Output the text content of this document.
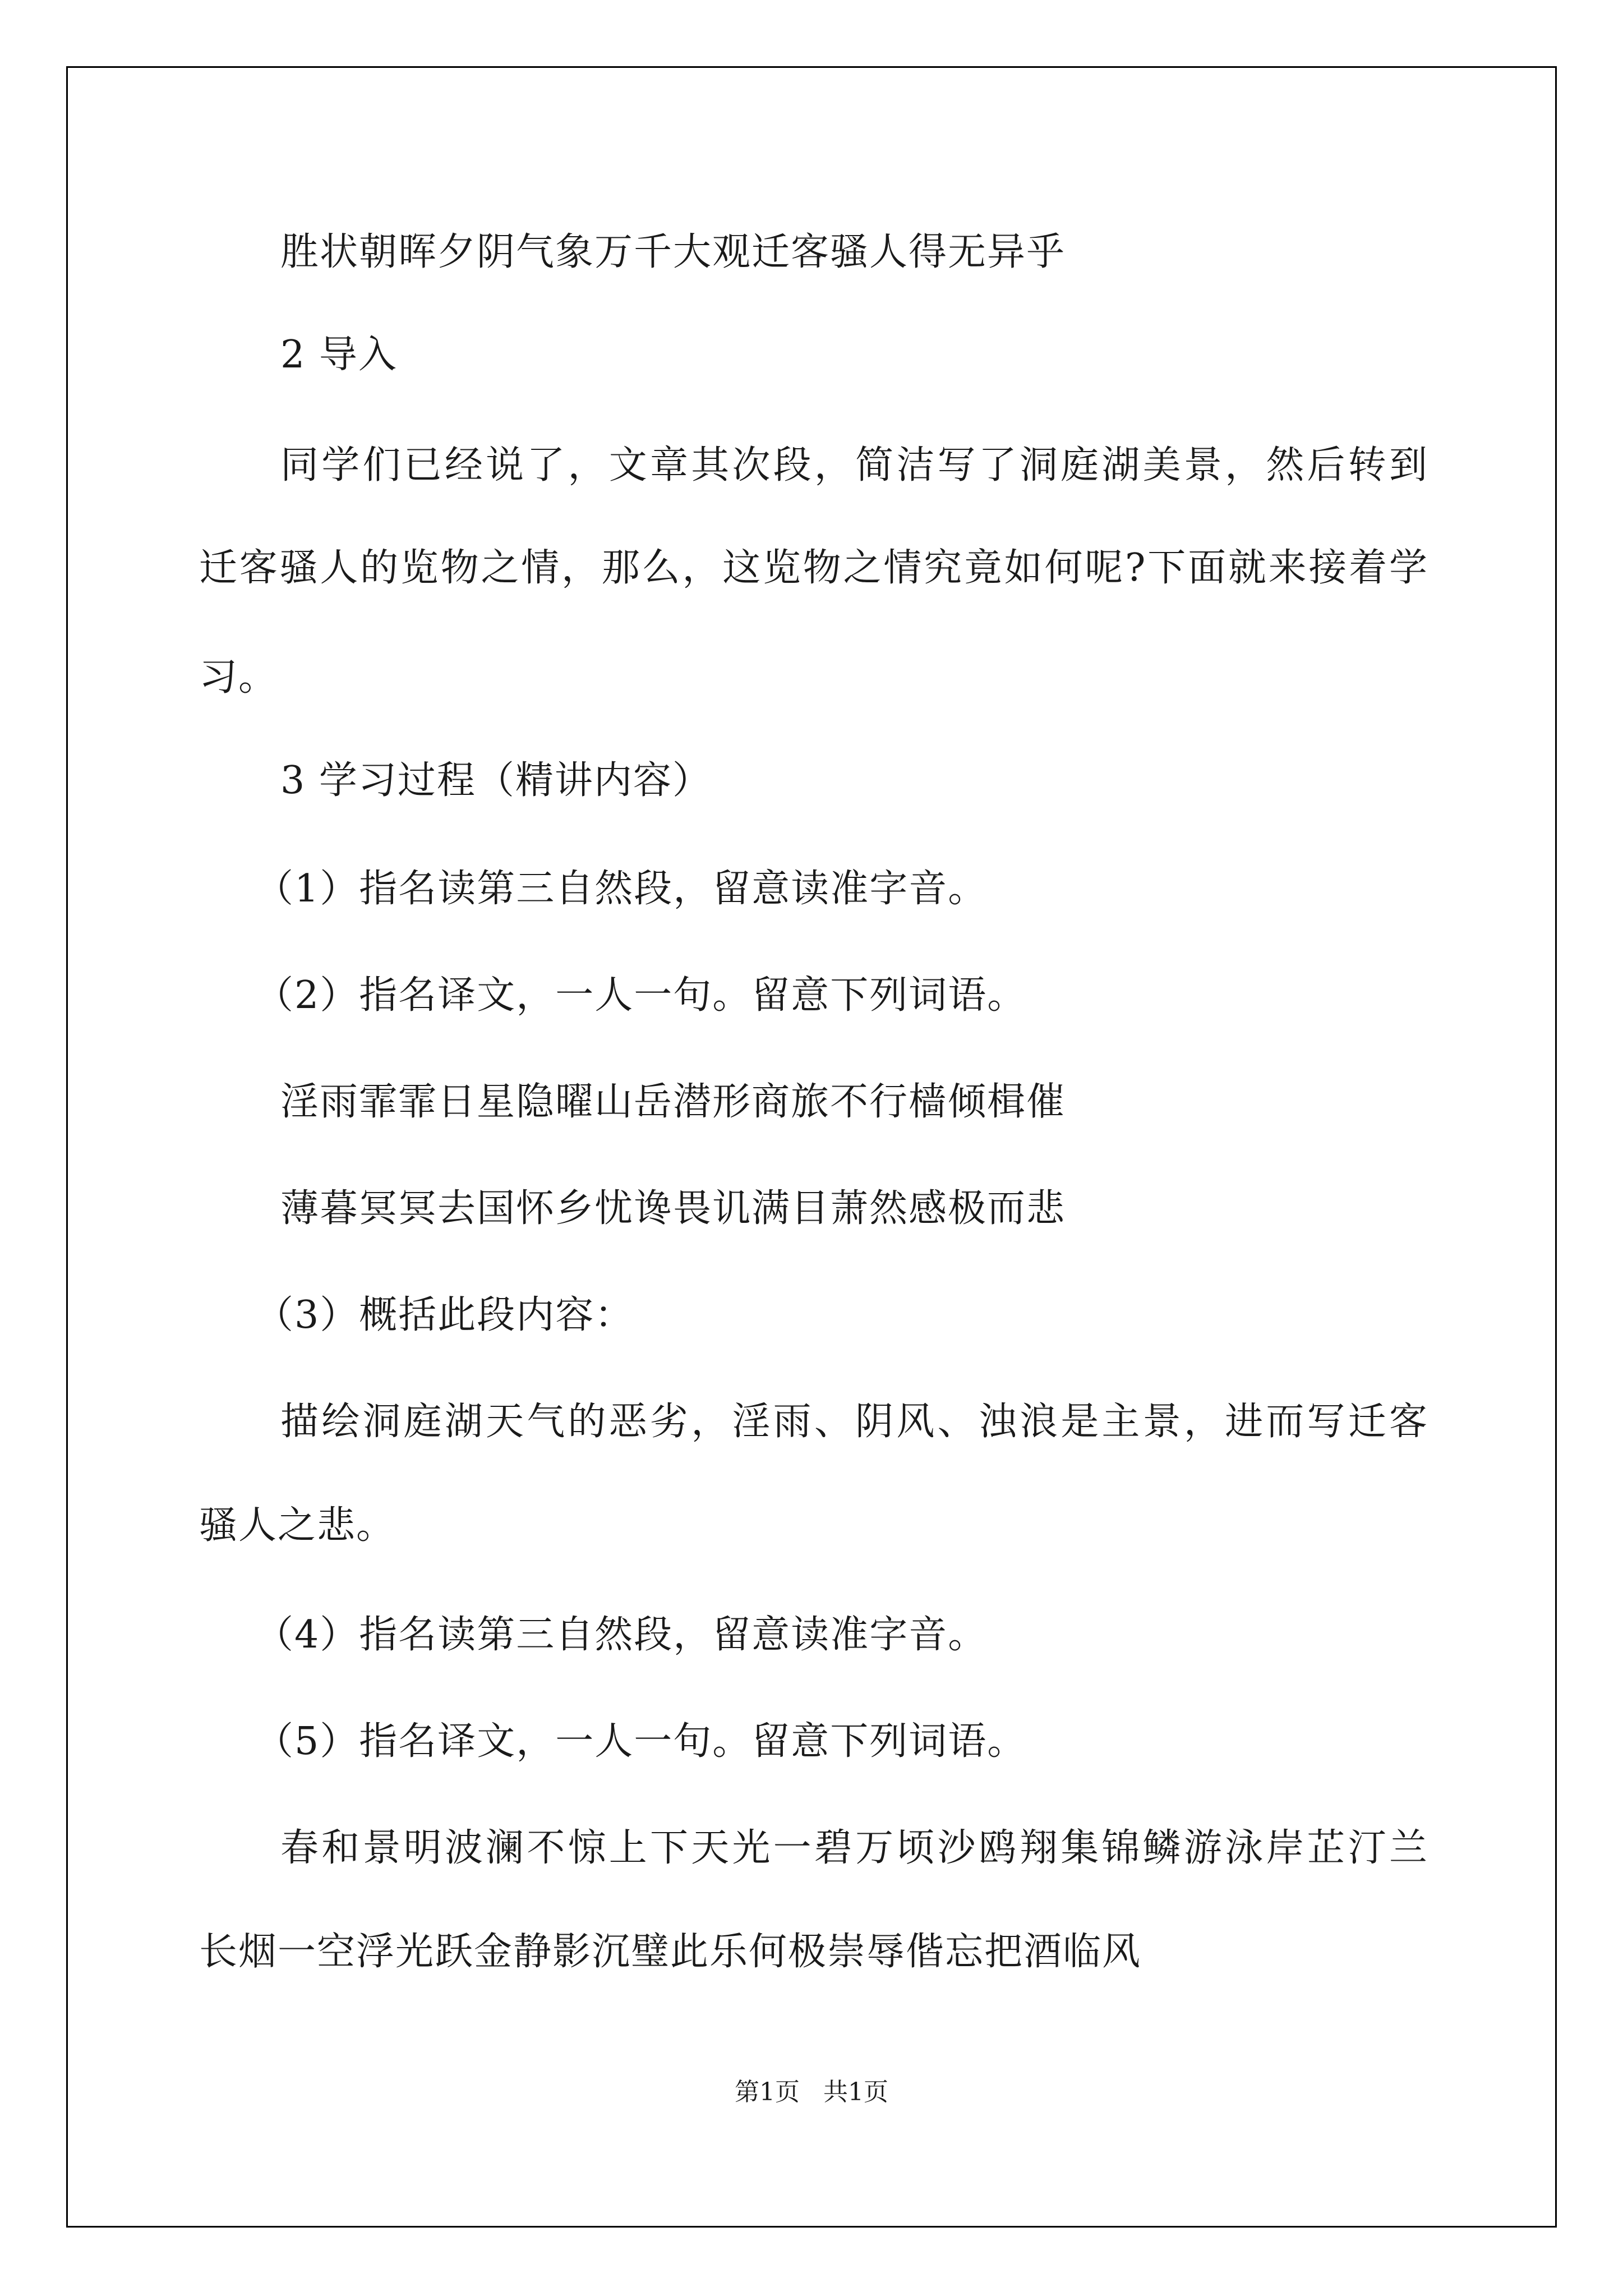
胜状朝晖夕阴气象万千大观迁客骚人得无异乎

2 导入

同学们已经说了，文章其次段，简洁写了洞庭湖美景，然后转到

迁客骚人的览物之情，那么，这览物之情究竟如何呢?下面就来接着学

习。

3 学习过程（精讲内容）

（1）指名读第三自然段，留意读准字音。

（2）指名译文，一人一句。留意下列词语。

淫雨霏霏日星隐曜山岳潜形商旅不行樯倾楫催

薄暮冥冥去国怀乡忧谗畏讥满目萧然感极而悲

（3）概括此段内容：

描绘洞庭湖天气的恶劣，淫雨、阴风、浊浪是主景，进而写迁客

骚人之悲。

（4）指名读第三自然段，留意读准字音。

（5）指名译文，一人一句。留意下列词语。

春和景明波澜不惊上下天光一碧万顷沙鸥翔集锦鳞游泳岸芷汀兰

长烟一空浮光跃金静影沉璧此乐何极崇辱偕忘把酒临风

第1页   共1页
